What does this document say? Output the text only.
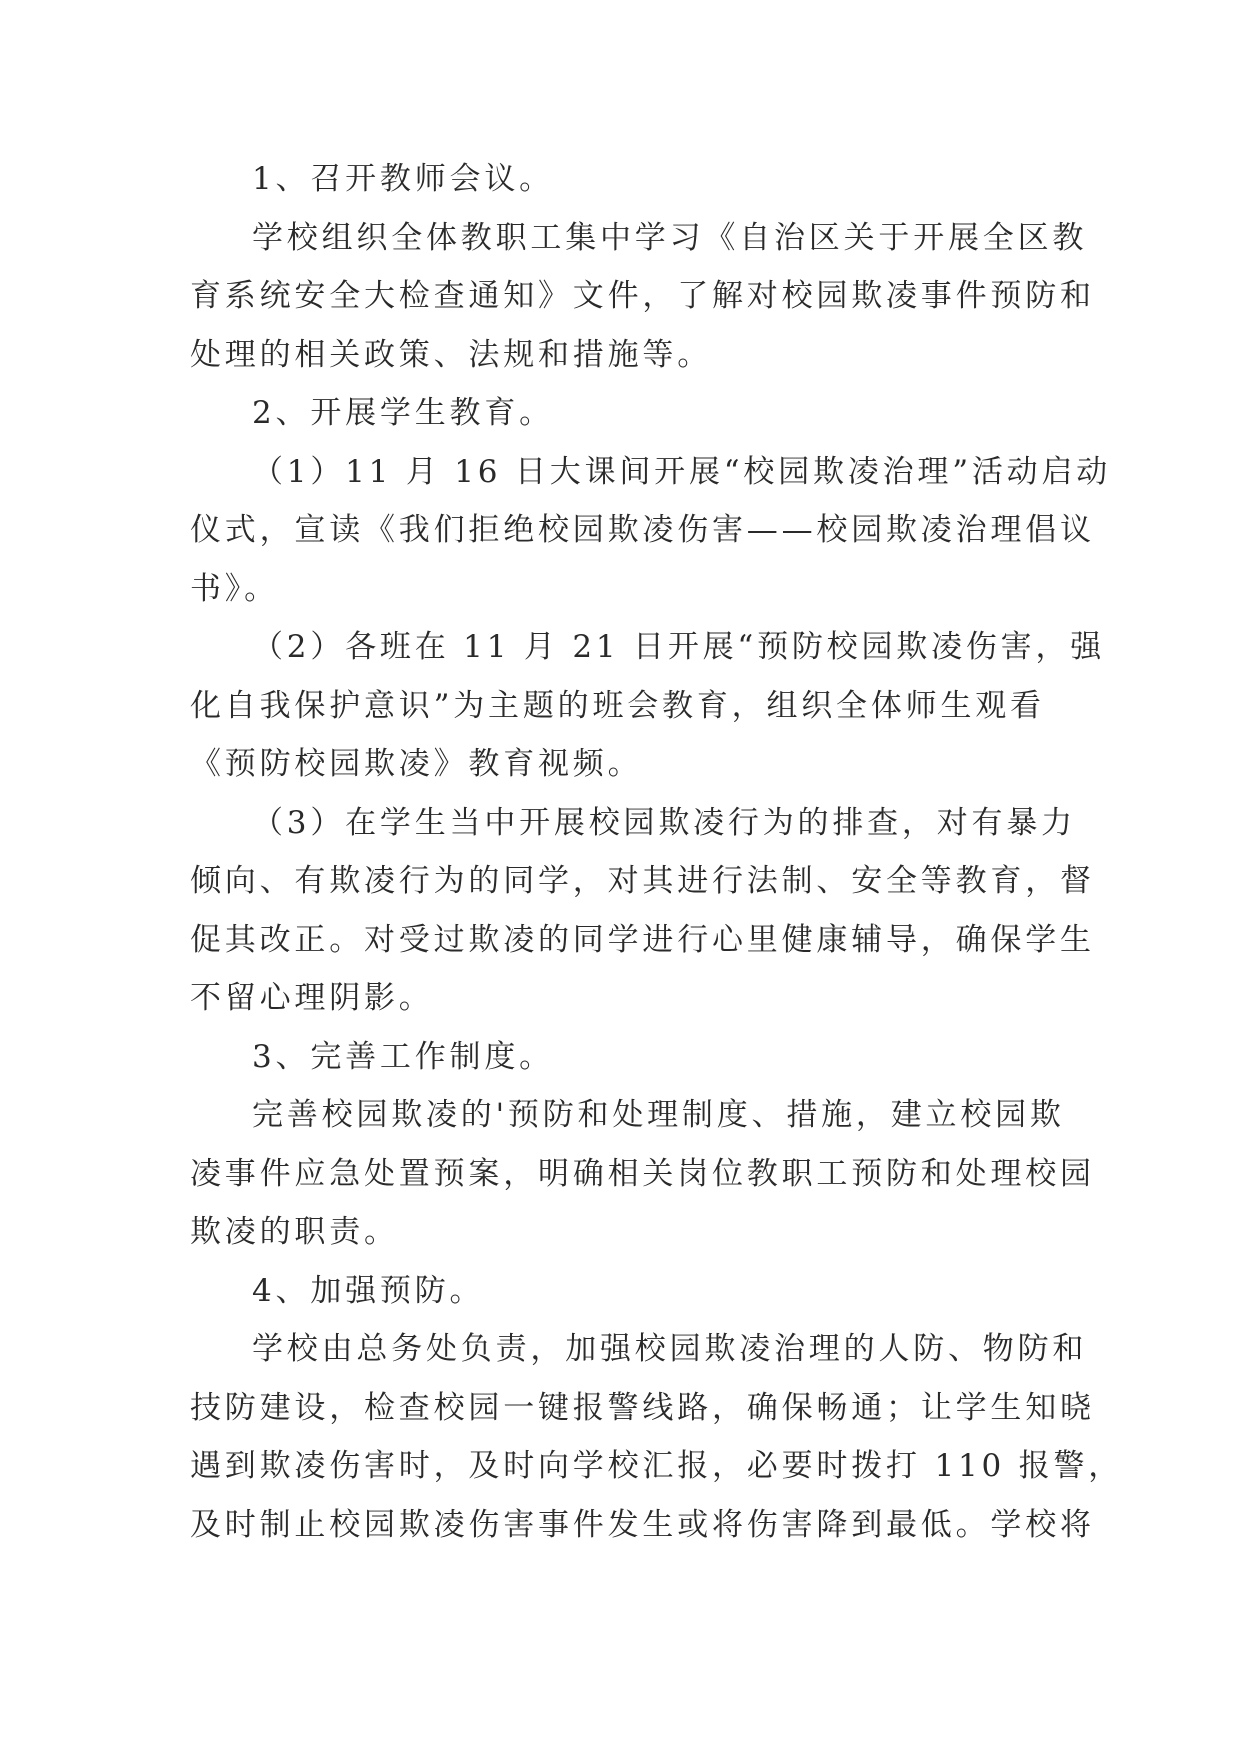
1、召开教师会议。

学校组织全体教职工集中学习《自治区关于开展全区教
育系统安全大检查通知》文件，了解对校园欺凌事件预防和
处理的相关政策、法规和措施等。

2、开展学生教育。

（1）11 月 16 日大课间开展“校园欺凌治理”活动启动
仪式，宣读《我们拒绝校园欺凌伤害——校园欺凌治理倡议
书》。

（2）各班在 11 月 21 日开展“预防校园欺凌伤害，强
化自我保护意识”为主题的班会教育，组织全体师生观看
《预防校园欺凌》教育视频。

（3）在学生当中开展校园欺凌行为的排查，对有暴力
倾向、有欺凌行为的同学，对其进行法制、安全等教育，督
促其改正。对受过欺凌的同学进行心里健康辅导，确保学生
不留心理阴影。

3、完善工作制度。

完善校园欺凌的'预防和处理制度、措施，建立校园欺
凌事件应急处置预案，明确相关岗位教职工预防和处理校园
欺凌的职责。

4、加强预防。

学校由总务处负责，加强校园欺凌治理的人防、物防和
技防建设，检查校园一键报警线路，确保畅通；让学生知晓
遇到欺凌伤害时，及时向学校汇报，必要时拨打 110 报警，
及时制止校园欺凌伤害事件发生或将伤害降到最低。学校将
